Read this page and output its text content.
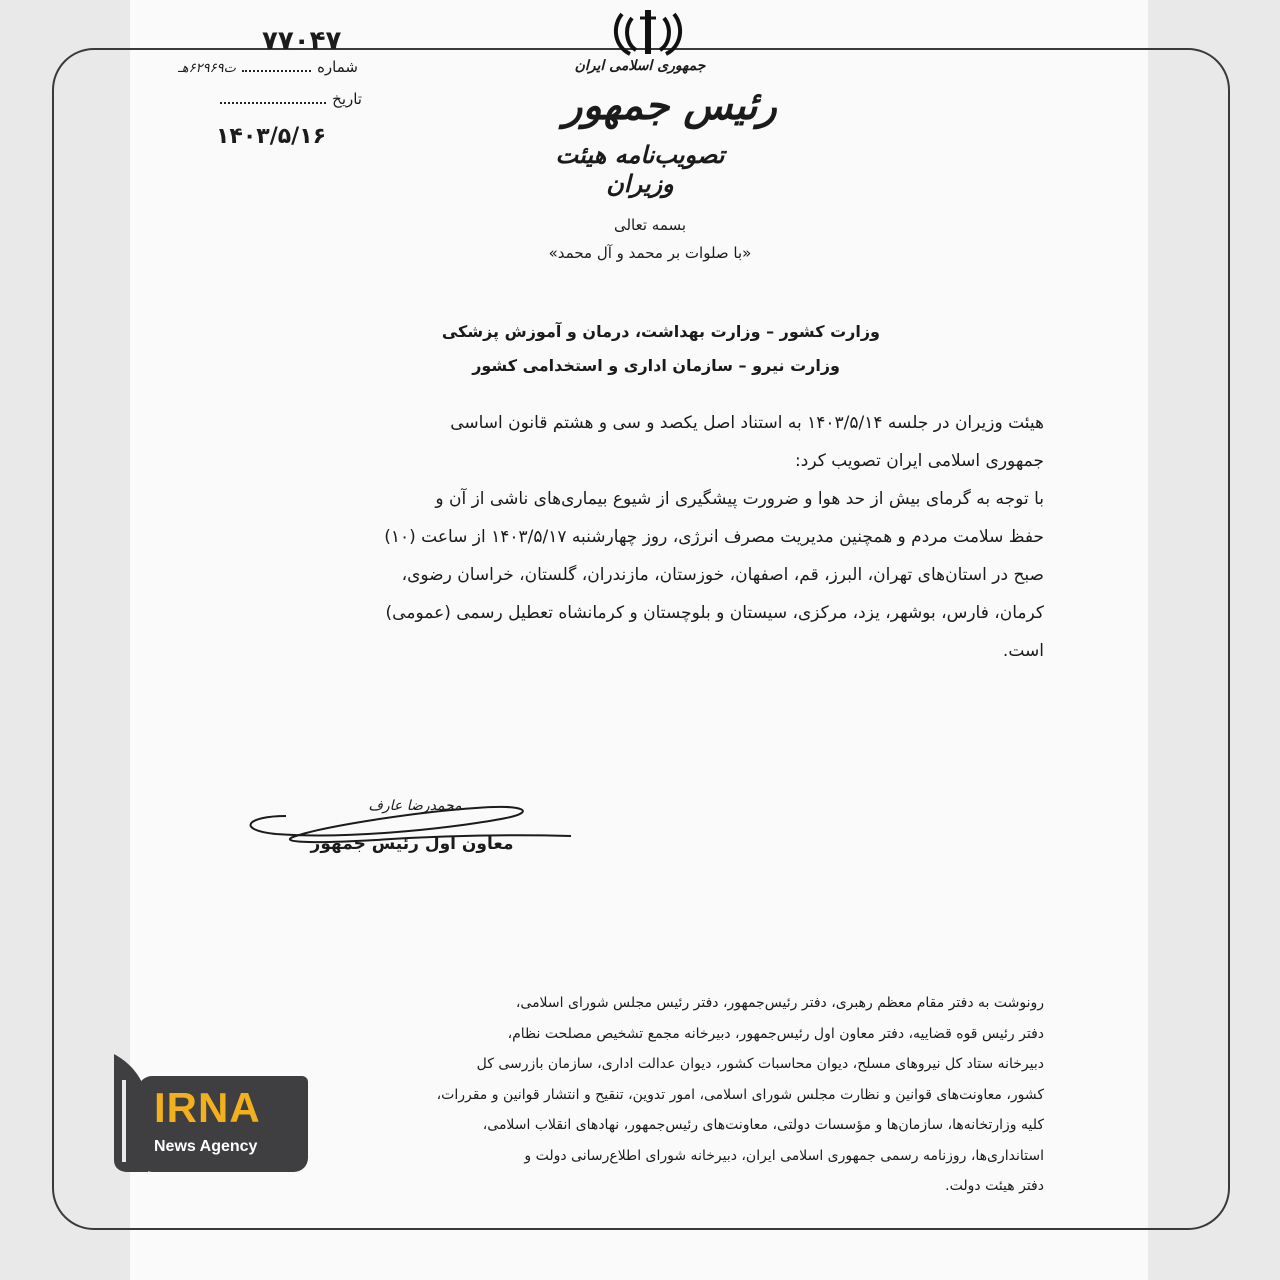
۷۷۰۴۷
شماره
ت۶۲۹۶۹هـ
تاریخ
۱۴۰۳/۵/۱۶
جمهوری اسلامی ایران
رئیس جمهور
تصویب‌نامه هیئت وزیران
بسمه تعالی
«با صلوات بر محمد و آل محمد»
وزارت کشور – وزارت بهداشت، درمان و آموزش پزشکی
وزارت نیرو – سازمان اداری و استخدامی کشور

هیئت وزیران در جلسه ۱۴۰۳/۵/۱۴ به استناد اصل یکصد و سی و هشتم قانون اساسی

جمهوری اسلامی ایران تصویب کرد:

با توجه به گرمای بیش از حد هوا و ضرورت پیشگیری از شیوع بیماری‌های ناشی از آن و

حفظ سلامت مردم و همچنین مدیریت مصرف انرژی، روز چهارشنبه ۱۴۰۳/۵/۱۷ از ساعت (۱۰)

صبح در استان‌های تهران، البرز، قم، اصفهان، خوزستان، مازندران، گلستان، خراسان رضوی،

کرمان، فارس، بوشهر، یزد، مرکزی، سیستان و بلوچستان و کرمانشاه تعطیل رسمی (عمومی)

است.

محمدرضا عارف
معاون اول رئیس جمهور

رونوشت به دفتر مقام معظم رهبری، دفتر رئیس‌جمهور، دفتر رئیس مجلس شورای اسلامی،

دفتر رئیس قوه قضاییه، دفتر معاون اول رئیس‌جمهور، دبیرخانه مجمع تشخیص مصلحت نظام،

دبیرخانه ستاد کل نیروهای مسلح، دیوان محاسبات کشور، دیوان عدالت اداری، سازمان بازرسی کل

کشور، معاونت‌های قوانین و نظارت مجلس شورای اسلامی، امور تدوین، تنقیح و انتشار قوانین و مقررات،

کلیه وزارتخانه‌ها، سازمان‌ها و مؤسسات دولتی، معاونت‌های رئیس‌جمهور، نهادهای انقلاب اسلامی،

استانداری‌ها، روزنامه رسمی جمهوری اسلامی ایران، دبیرخانه شورای اطلاع‌رسانی دولت و

دفتر هیئت دولت.

IRNA
News Agency
